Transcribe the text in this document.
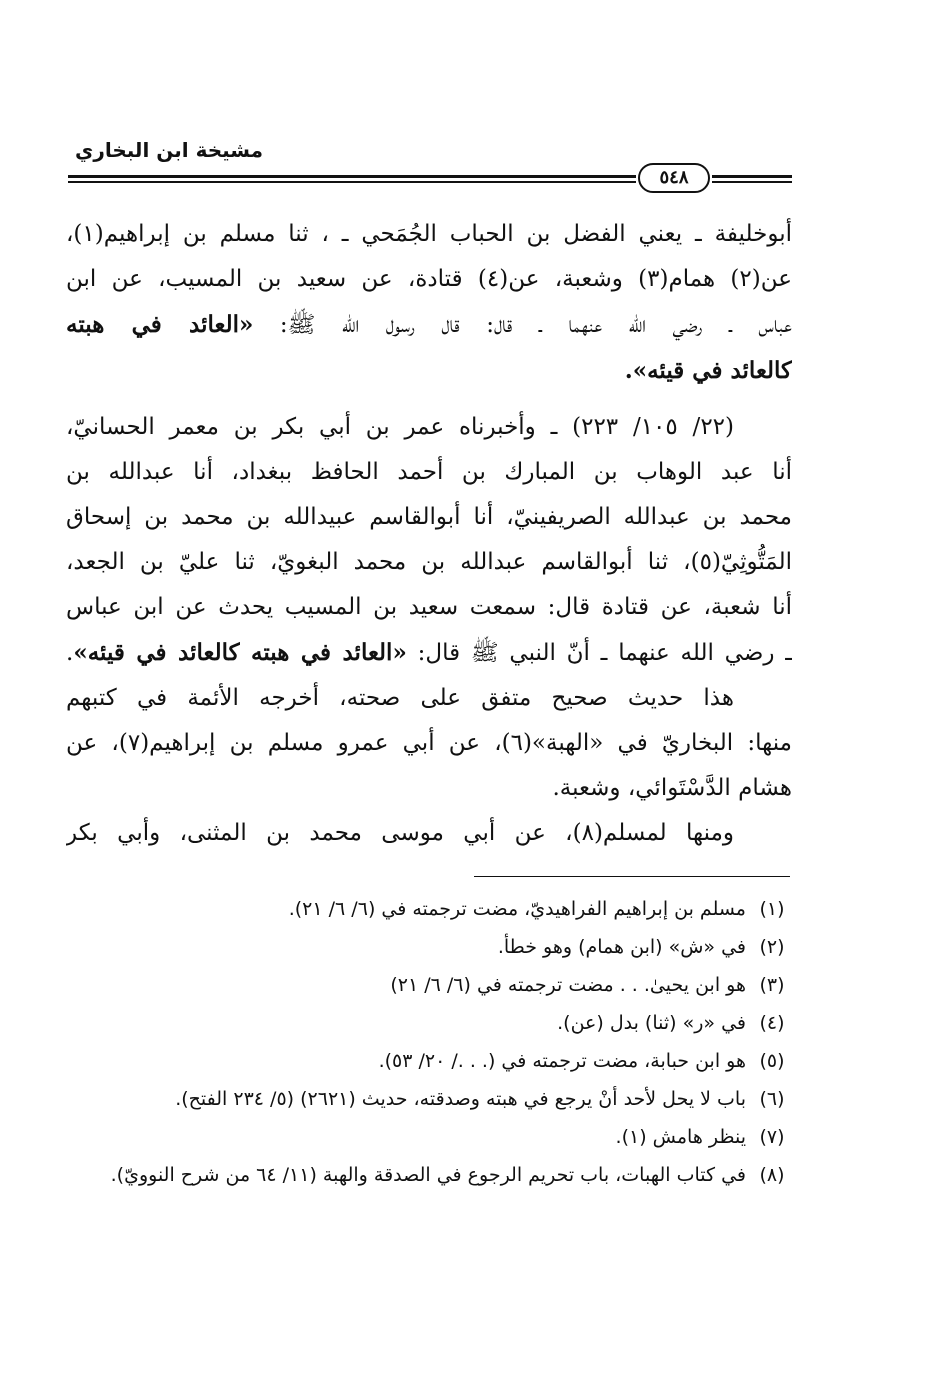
مشيخة ابن البخاري
٥٤٨
أبوخليفة ـ يعني الفضل بن الحباب الجُمَحي ـ ، ثنا مسلم بن إبراهيم(١)،
عن(٢) همام(٣) وشعبة، عن(٤) قتادة، عن سعيد بن المسيب، عن ابن
عباس ـ رضي الله عنهما ـ قال: قال رسول الله ﷺ: «العائد في هبته
كالعائد في قيئه».
(٢٢/ ١٠٥/ ٢٢٣) ـ وأخبرناه عمر بن أبي بكر بن معمر الحسانيّ،
أنا عبد الوهاب بن المبارك بن أحمد الحافظ ببغداد، أنا عبدالله بن
محمد بن عبدالله الصريفينيّ، أنا أبوالقاسم عبيدالله بن محمد بن إسحاق
المَتُّوثِيّ(٥)، ثنا أبوالقاسم عبدالله بن محمد البغويّ، ثنا عليّ بن الجعد،
أنا شعبة، عن قتادة قال: سمعت سعيد بن المسيب يحدث عن ابن عباس
ـ رضي الله عنهما ـ أنّ النبي ﷺ قال: «العائد في هبته كالعائد في قيئه».
هذا حديث صحيح متفق على صحته، أخرجه الأئمة في كتبهم
منها: البخاريّ في «الهبة»(٦)، عن أبي عمرو مسلم بن إبراهيم(٧)، عن
هشام الدَّسْتَوائي، وشعبة.
ومنها لمسلم(٨)، عن أبي موسى محمد بن المثنى، وأبي بكر
(١)
مسلم بن إبراهيم الفراهيديّ، مضت ترجمته في (٦/ ٦/ ٢١).
(٢)
في «ش» (ابن همام) وهو خطأ.
(٣)
هو ابن يحيىٰ. . . مضت ترجمته في (٦/ ٦/ ٢١)
(٤)
في «ر» (ثنا) بدل (عن).
(٥)
هو ابن حبابة، مضت ترجمته في (. . ./ ٢٠/ ٥٣).
(٦)
باب لا يحل لأحد أنْ يرجع في هبته وصدقته، حديث (٢٦٢١) (٥/ ٢٣٤ الفتح).
(٧)
ينظر هامش (١).
(٨)
في كتاب الهبات، باب تحريم الرجوع في الصدقة والهبة (١١/ ٦٤ من شرح النوويّ).
